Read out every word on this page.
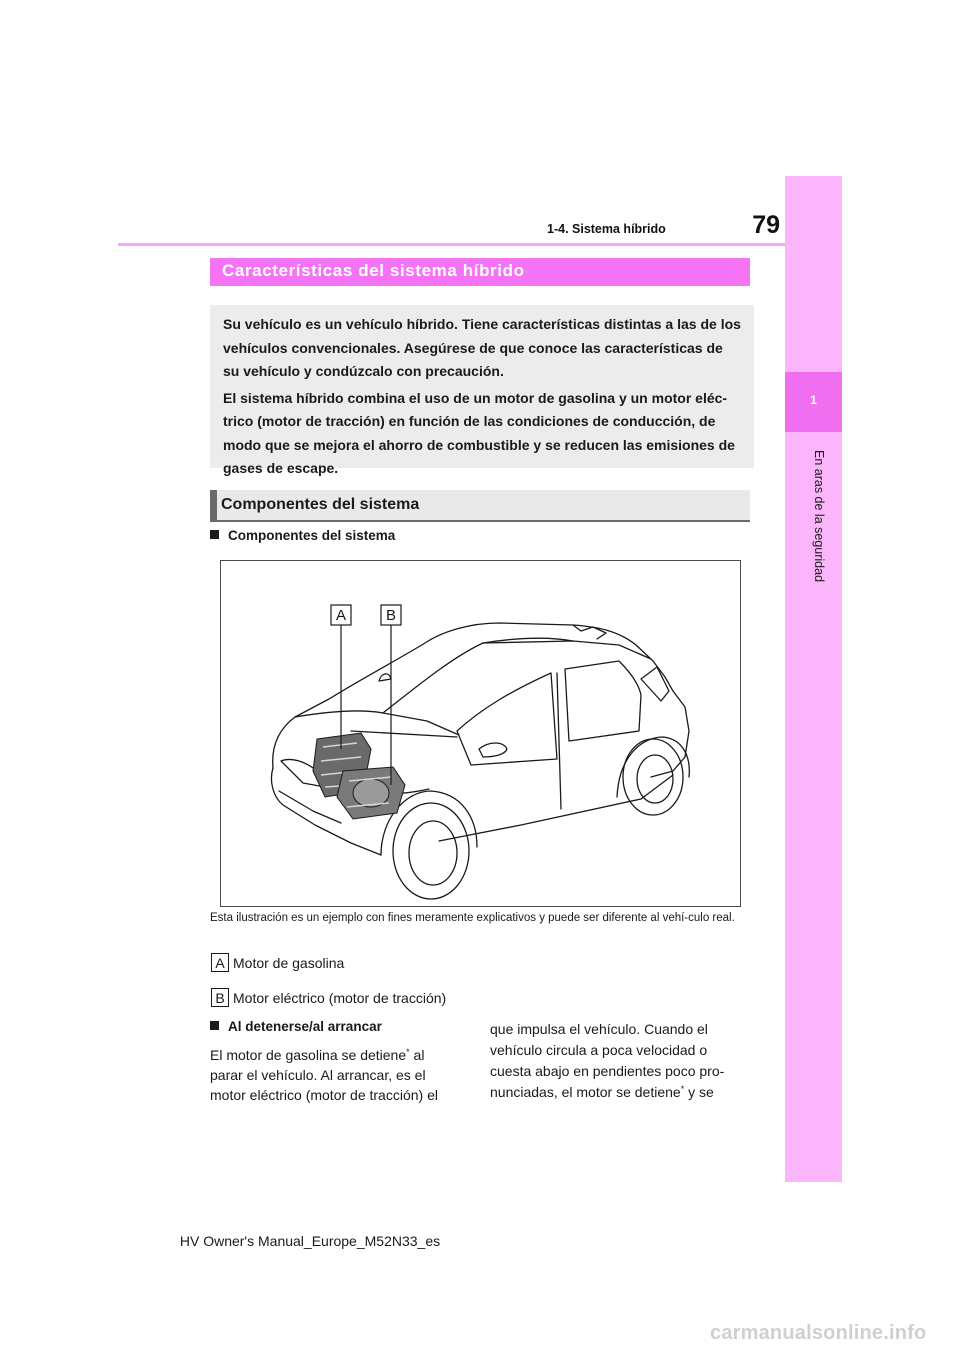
1
En aras de la seguridad
1-4. Sistema híbrido	79
Características del sistema híbrido

Su vehículo es un vehículo híbrido. Tiene características distintas a las de los vehículos convencionales. Asegúrese de que conoce las características de su vehículo y condúzcalo con precaución.

El sistema híbrido combina el uso de un motor de gasolina y un motor eléc-trico (motor de tracción) en función de las condiciones de conducción, de modo que se mejora el ahorro de combustible y se reducen las emisiones de gases de escape.

Componentes del sistema
Componentes del sistema
A	B
Esta ilustración es un ejemplo con fines meramente explicativos y puede ser diferente al vehí-culo real.
A Motor de gasolina
B Motor eléctrico (motor de tracción)
Al detenerse/al arrancar

El motor de gasolina se detiene* al parar el vehículo. Al arrancar, es el motor eléctrico (motor de tracción) el

que impulsa el vehículo. Cuando el vehículo circula a poca velocidad o cuesta abajo en pendientes poco pro-nunciadas, el motor se detiene* y se

HV Owner's Manual_Europe_M52N33_es
carmanualsonline.info
